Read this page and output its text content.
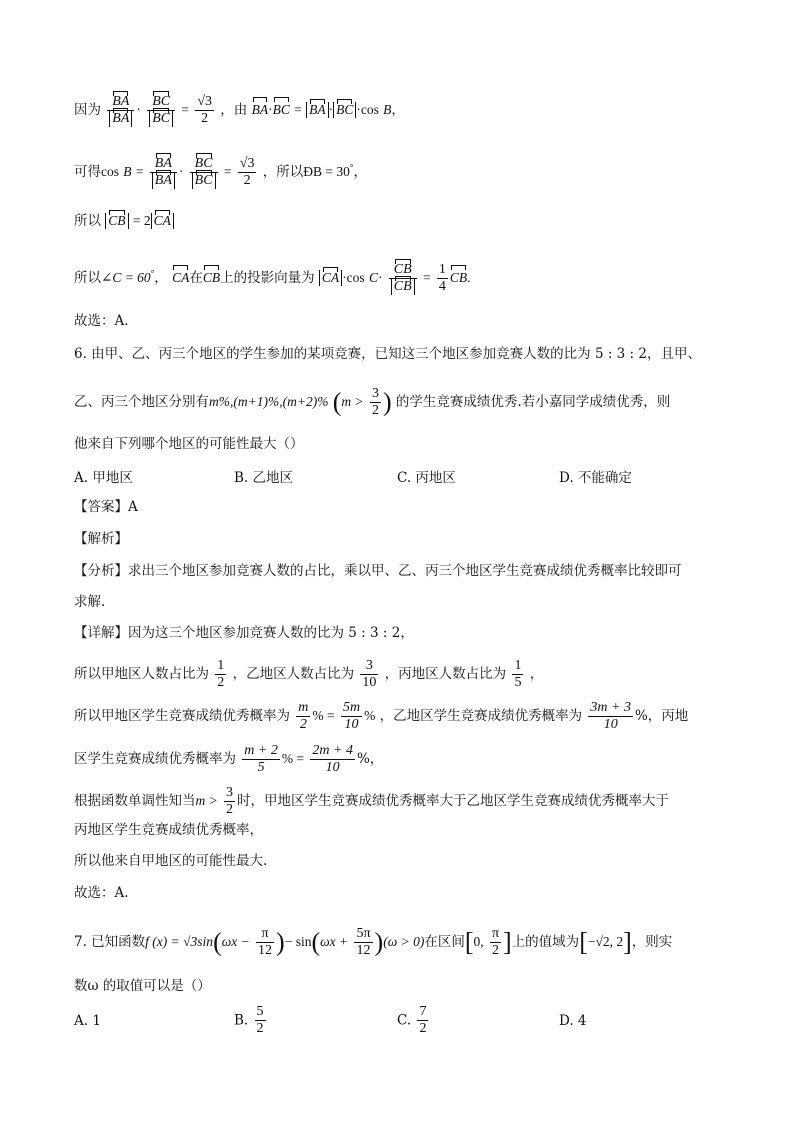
因为 $\frac{BA}{BA} \cdot \frac{BC}{BC} = \frac{√3}{2}$ ，由 BA·BC = BA · BC ·cos B，
可得$\cos B = \frac{BA}{BA} \cdot \frac{BC}{BC} = \frac{√3}{2}$ ，所以ÐB = 30°，
所以 CB = 2 CA
所以∠C = 60°， CA在CB上的投影向量为 CA ·cos $C\cdot \frac{CB}{CB} = \frac{1}{4}$ CB.
故选：A.
6. 由甲、乙、丙三个地区的学生参加的某项竞赛，已知这三个地区参加竞赛人数的比为 5 : 3 : 2，且甲、
乙、丙三个地区分别有m%,(m+1)%,(m+2)% ($m > \frac{3}{2}$ ) 的学生竞赛成绩优秀.若小嘉同学成绩优秀，则
他来自下列哪个地区的可能性最大（）
A. 甲地区	B. 乙地区	C. 丙地区	D. 不能确定
【答案】A
【解析】
【分析】求出三个地区参加竞赛人数的占比，乘以甲、乙、丙三个地区学生竞赛成绩优秀概率比较即可
求解.
【详解】因为这三个地区参加竞赛人数的比为 5 : 3 : 2，
所以甲地区人数占比为 $\frac{1}{2}$ ，乙地区人数占比为 $\frac{3}{10}$ ，丙地区人数占比为 $\frac{1}{5}$ ，
所以甲地区学生竞赛成绩优秀概率为 $\frac{m}{2}$ % = $\frac{5m}{10}$ % ，乙地区学生竞赛成绩优秀概率为 $\frac{3m + 3}{10}$ %，丙地
区学生竞赛成绩优秀概率为 $\frac{m + 2}{5}$ % = $\frac{2m + 4}{10}$ %，
根据函数单调性知当$m > \frac{3}{2}$ 时，甲地区学生竞赛成绩优秀概率大于乙地区学生竞赛成绩优秀概率大于
丙地区学生竞赛成绩优秀概率，
所以他来自甲地区的可能性最大.
故选：A.
7. 已知函数f $(x) = √3\sin(\omega x - \frac{\pi}{12}$ )− $\sin(\omega x + \frac{5\pi}{12} )(\omega > 0)$在区间[0, $\frac{\pi}{2}$ ]上的值域为[−√2, 2]，则实
数ω 的取值可以是（）
A. 1	B. $\frac{5}{2}$	C. $\frac{7}{2}$	D. 4
